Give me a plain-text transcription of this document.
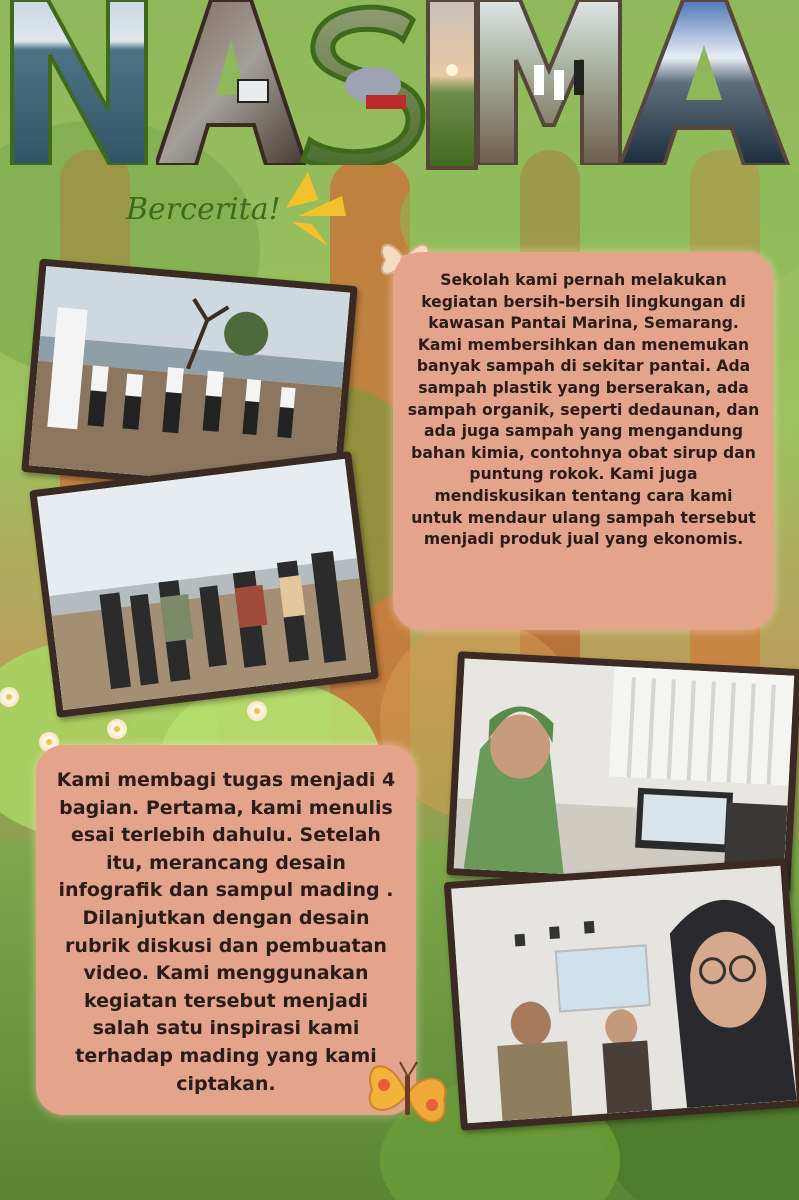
Bercerita!

Sekolah kami pernah melakukan kegiatan bersih-bersih lingkungan di kawasan Pantai Marina, Semarang. Kami membersihkan dan menemukan banyak sampah di sekitar pantai. Ada sampah plastik yang berserakan, ada sampah organik, seperti dedaunan, dan ada juga sampah yang mengandung bahan kimia, contohnya obat sirup dan puntung rokok. Kami juga mendiskusikan tentang cara kami untuk mendaur ulang sampah tersebut menjadi produk jual yang ekonomis.

Kami membagi tugas menjadi 4 bagian. Pertama, kami menulis esai terlebih dahulu. Setelah itu, merancang desain infografik dan sampul mading . Dilanjutkan dengan desain rubrik diskusi dan pembuatan video. Kami menggunakan kegiatan tersebut menjadi salah satu inspirasi kami terhadap mading yang kami ciptakan.
